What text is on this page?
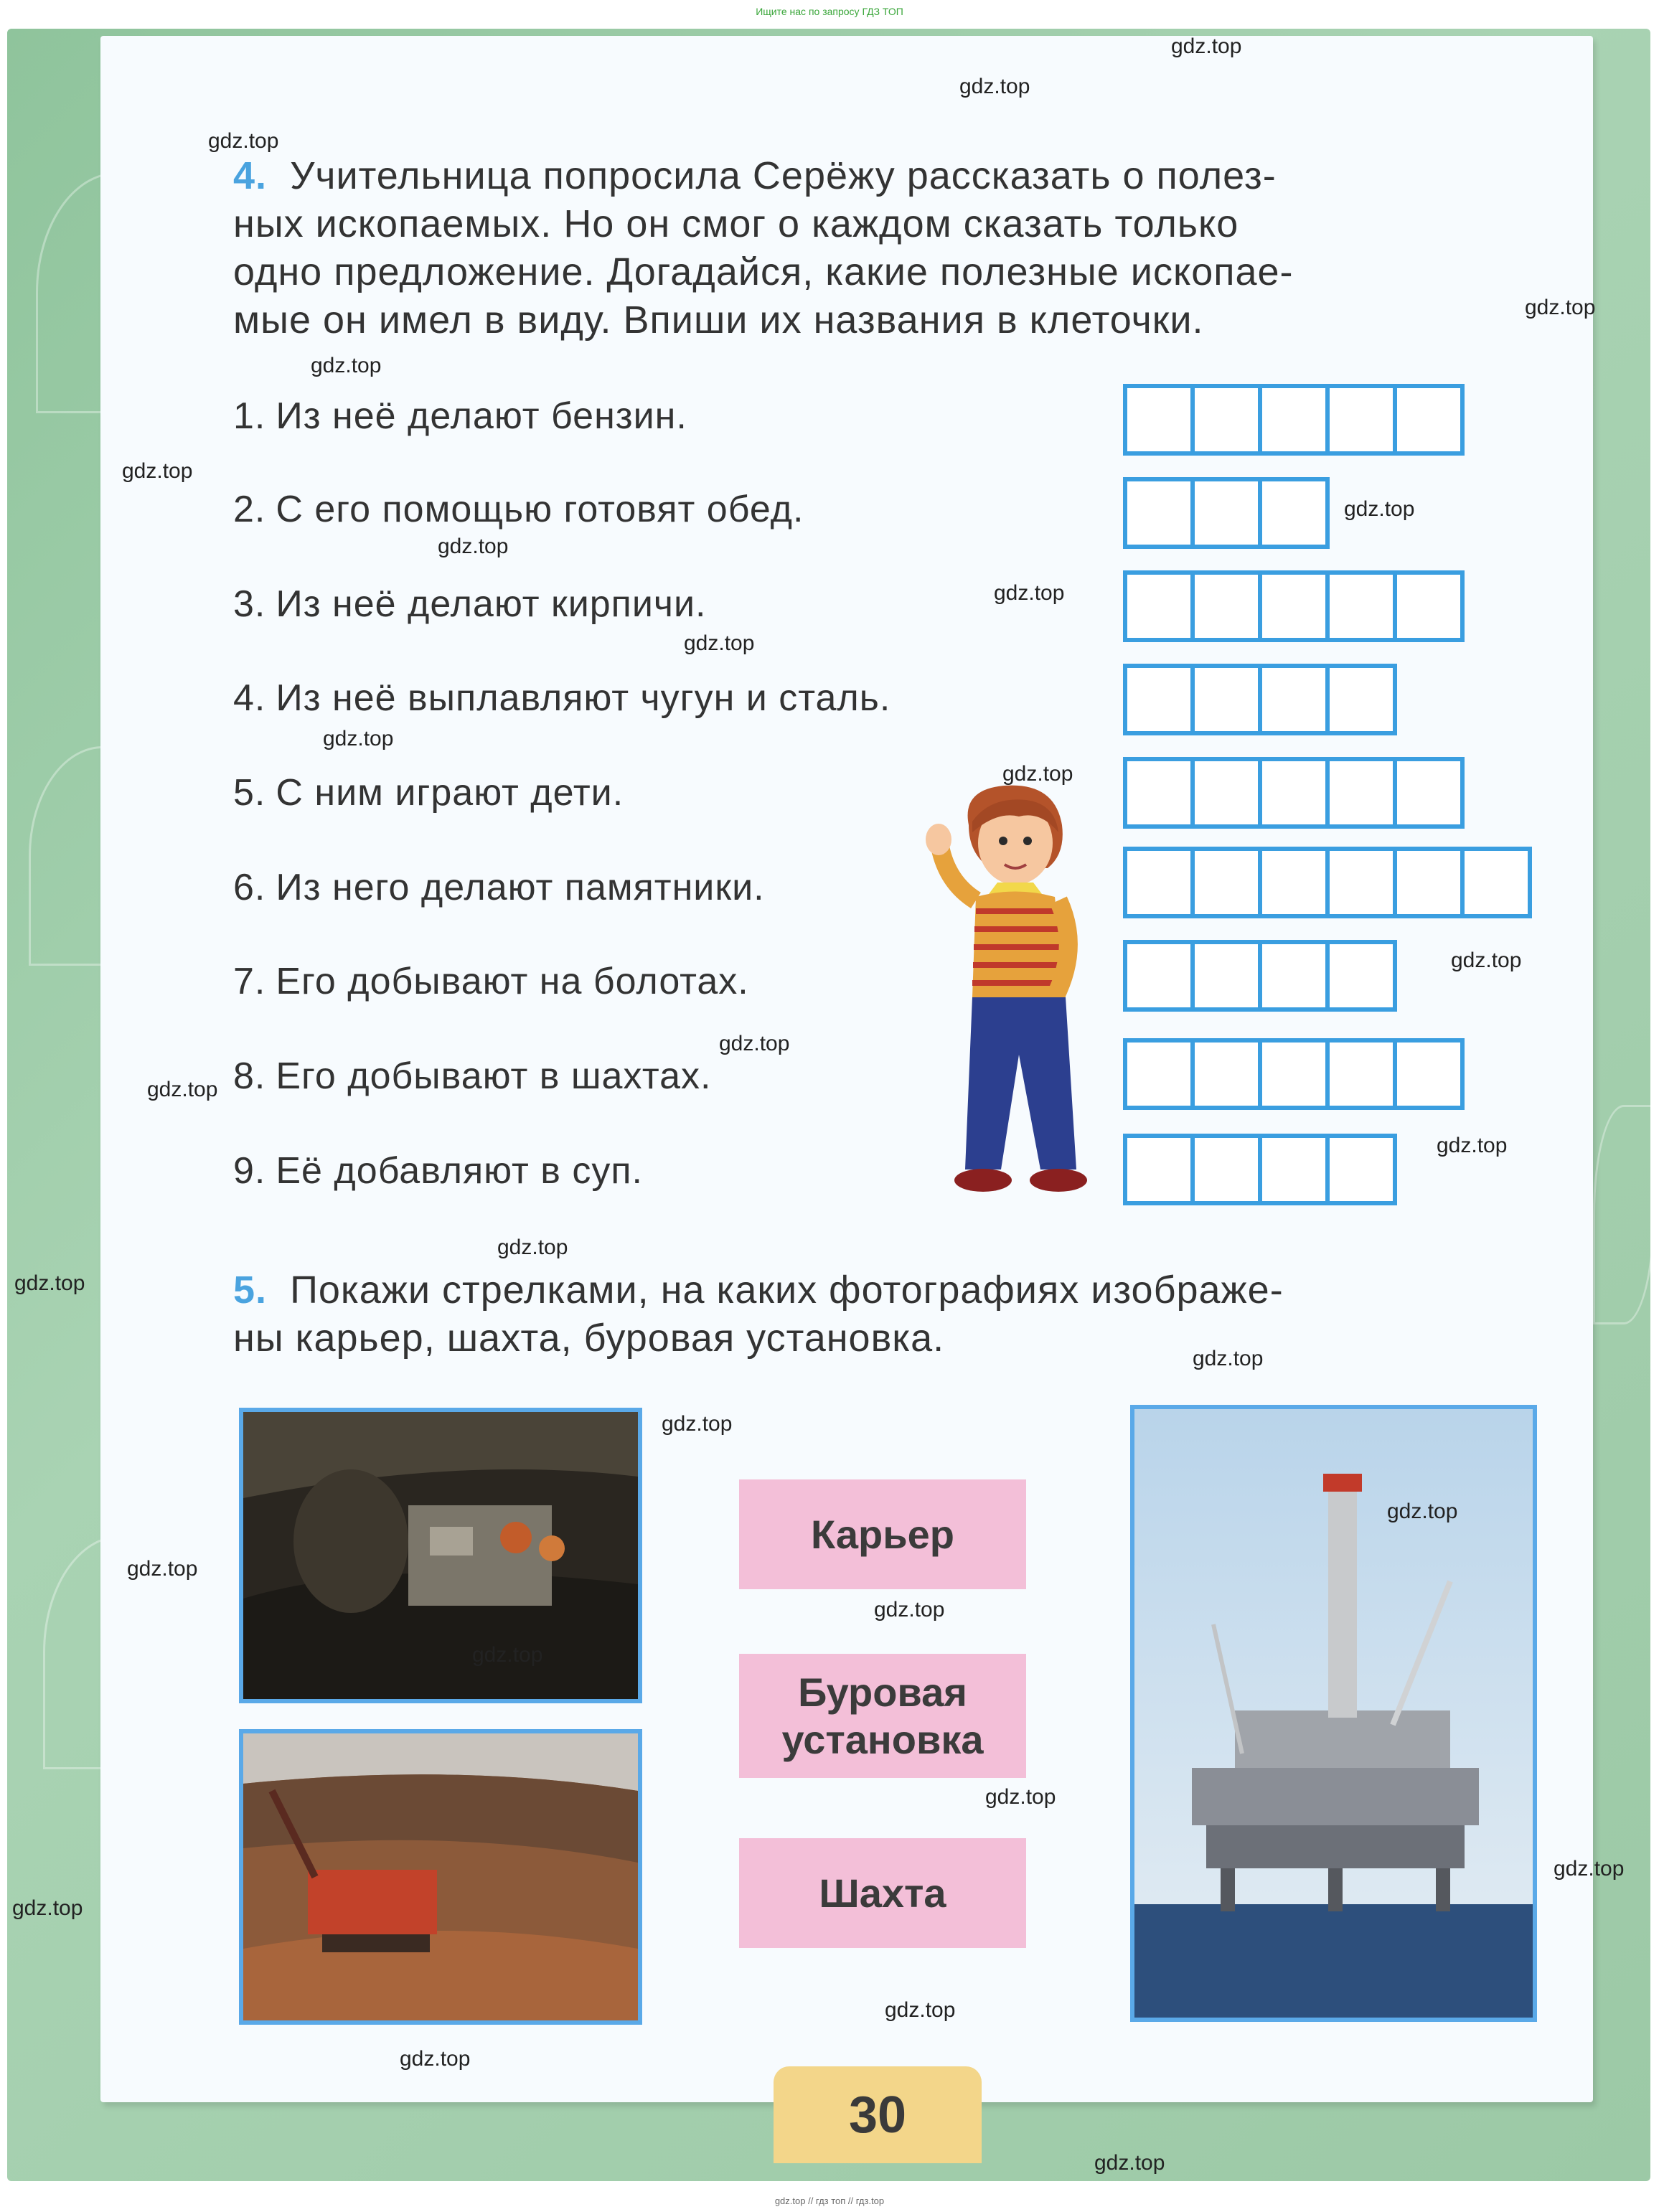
Ищите нас по запросу ГДЗ ТОП
4. Учительница попросила Серёжу рассказать о полез-
ных ископаемых. Но он смог о каждом сказать только
одно предложение. Догадайся, какие полезные ископае-
мые он имел в виду. Впиши их названия в клеточки.
1. Из неё делают бензин.
2. С его помощью готовят обед.
3. Из неё делают кирпичи.
4. Из неё выплавляют чугун и сталь.
5. С ним играют дети.
6. Из него делают памятники.
7. Его добывают на болотах.
8. Его добывают в шахтах.
9. Её добавляют в суп.
5. Покажи стрелками, на каких фотографиях изображе-
ны карьер, шахта, буровая установка.
Карьер
Буровая установка
Шахта
30
gdz.top
gdz.top
gdz.top
gdz.top
gdz.top
gdz.top
gdz.top
gdz.top
gdz.top
gdz.top
gdz.top
gdz.top
gdz.top
gdz.top
gdz.top
gdz.top
gdz.top
gdz.top
gdz.top
gdz.top
gdz.top
gdz.top
gdz.top
gdz.top
gdz.top
gdz.top
gdz.top
gdz.top
gdz.top
gdz.top
gdz.top // гдз топ // гдз.top
